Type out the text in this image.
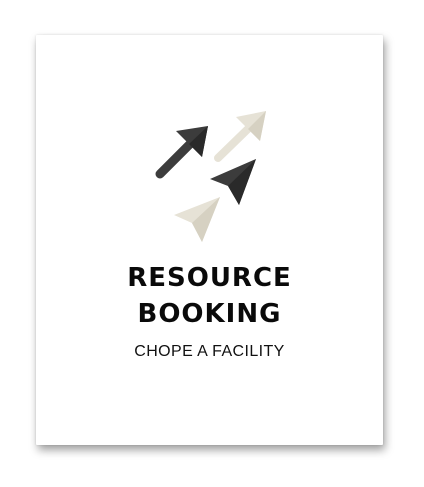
RESOURCE
BOOKING
CHOPE A FACILITY
